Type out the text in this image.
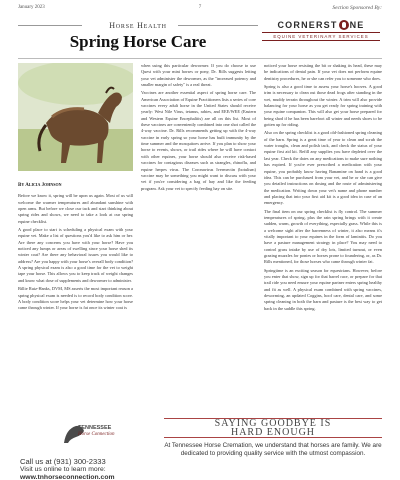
January 2023	7	Section Sponsored By:
Horse Health
Spring Horse Care
CORNERST NE
EQUINE VETERINARY SERVICES
By Alicia Johnson

Before we know it, spring will be upon us again. Most of us will welcome the warmer temperatures and abundant sunshine with open arms. But before we close our tack and start thinking about spring rides and shows, we need to take a look at our spring equine checklist.

A good place to start is scheduling a physical exam with your equine vet. Make a list of questions you'd like to ask him or her. Are there any concerns you have with your horse? Have you noticed any lumps or areas of swelling since your horse shed its winter coat? Are there any behavioral issues you would like to address? Are you happy with your horse's overall body condition? A spring physical exam is also a good time for the vet to weight tape your horse. This allows you to keep track of weight changes and know what dose of supplements and dewormer to administer.

Billie Ruiz-Hanks, DVM, MS asserts the most important reason a spring physical exam is needed is to record body condition score. A body condition score helps your vet determine how your horse came through winter. If your horse is fat once its winter coat is

when using this particular dewormer. If you do choose to use Quest with your mini horses or pony, Dr. Rills suggests letting your vet administer the dewormer, as the "increased potency and smaller margin of safety" is a real threat.

Vaccines are another essential aspect of spring horse care. The American Association of Equine Practitioners lists a series of core vaccines every adult horse in the United States should receive yearly: West Nile Virus, tetanus, rabies, and EEE/WEE (Eastern and Western Equine Encephalitis) are all on this list. Most of these vaccines are conveniently combined into one shot called the 4-way vaccine. Dr. Rills recommends getting up with the 4-way vaccine in early spring so your horse has built immunity by the time summer and the mosquitoes arrive. If you plan to show your horse to events, shows, or trail rides where he will have contact with other equines, your horse should also receive risk-based vaccines for contagious diseases such as strangles, rhinoflu, and equine herpes virus. The Coronavirus Ivermectin (botulism) vaccine may be something you might want to discuss with your vet if you're considering a bag of hay and like the feeding program. Ask your vet to specify feeding hay on site.

noticed your horse resisting the bit or shaking its head, these may be indications of dental pain. If your vet does not perform equine dentistry procedures, he or she can refer you to someone who does.

Spring is also a good time to assess your horse's hooves. A good trim is necessary to clean out those dead frogs after standing in the wet, muddy terrain throughout the winter. A trim will also provide balancing for your horse as you get ready for spring training with your equine companion. This will also get your horse prepared for being shod if he has been barefoot all winter and needs shoes to be gotten up for riding.

Also on the spring checklist is a good old-fashioned spring cleaning of the barn. Spring is a great time of year to clean and scrub the water troughs, clean and polish tack, and check the status of your equine first aid kit. Refill any supplies you have depleted over the last year. Check the dates on any medications to make sure nothing has expired. If you're ever prescribed a medication with your equine, you probably know having Banamine on hand is a good idea. This can be purchased from your vet, and he or she can give you detailed instructions on dosing and the route of administering the medication. Writing down your vet's name and phone number and placing that into your first aid kit is a good idea in case of an emergency.

The final item on our spring checklist is fly control. The summer temperatures of spring, plus the rain spring brings with it create sudden, warm, growth of everything, especially grass. While this is a welcome sight after the barrenness of winter, it also means it's vitally important to your equines in the form of laminitis. Do you have a pasture management strategy in place? You may need to control grass intake by use of dry lots, limited turnout, or even grazing muzzles for ponies or horses prone to foundering, or, as Dr. Rills mentioned, for those horses who came through winter fat.

Springtime is an exciting season for equestrians. However, before you enter that show, sign up for that barrel race, or prepare for that trail ride you need ensure your equine partner enters spring healthy and fit as well. A physical exam combined with spring vaccines, deworming, an updated Coggins, hoof care, dental care, and some spring cleaning in both the barn and pasture is the best way to get back in the saddle this spring.

TENNESSEE
Horse Connection
Call us at (931) 300-2333
Visit us online to learn more:
www.tnhorseconnection.com
SAYING GOODBYE IS
HARD ENOUGH
At Tennessee Horse Cremation, we understand that horses are family. We are dedicated to providing quality service with the utmost compassion.
